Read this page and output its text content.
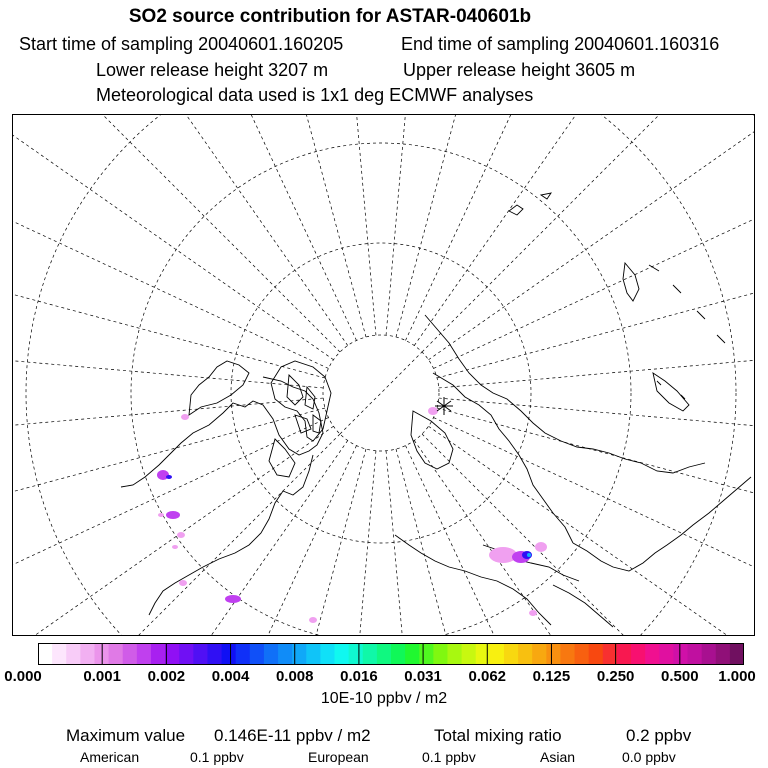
SO2 source contribution for ASTAR-040601b
Start time of sampling 20040601.160205	End time of sampling 20040601.160316
Lower release height 3207 m	Upper release height 3605 m
Meteorological data used is 1x1 deg ECMWF analyses
0.000	0.001 0.002 0.004 0.008 0.016 0.031 0.062 0.125 0.250 0.500 1.000
10E-10 ppbv / m2
Maximum value 0.146E-11 ppbv / m2	Total mixing ratio	0.2 ppbv
American	0.1 ppbv	European	0.1 ppbv	Asian	0.0 ppbv
